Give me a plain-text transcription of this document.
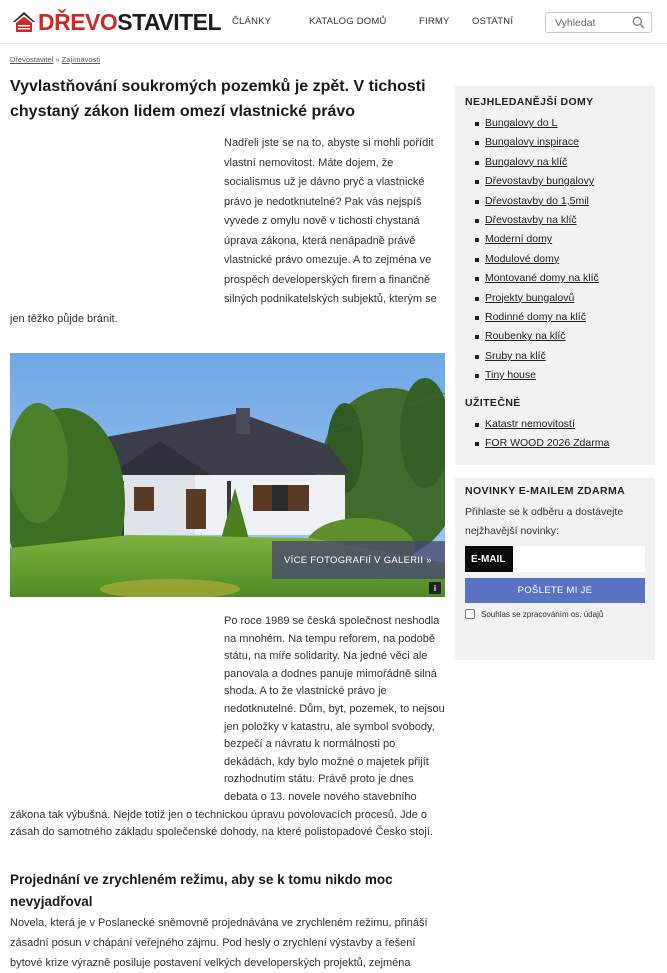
DŘEVOSTAVITEL ČLÁNKY	KATALOG DOMŮ	FIRMY OSTATNÍ
Vyhledat
Dřevostavitel » Zajímavosti
Vyvlastňování soukromých pozemků je zpět. V tichosti chystaný zákon lidem omezí vlastnické právo

Nadřeli jste se na to, abyste si mohli pořídit vlastní nemovitost. Máte dojem, že socialismus už je dávno pryč a vlastnické právo je nedotknutelné? Pak vás nejspíš vyvede z omylu nově v tichosti chystaná úprava zákona, která nenápadně právě vlastnické právo omezuje. A to zejména ve prospěch developerských firem a finančně silných podnikatelských subjektů, kterým se jen těžko půjde bránit.

VÍCE FOTOGRAFIÍ V GALERII »
i

Po roce 1989 se česká společnost neshodla na mnohém. Na tempu reforem, na podobě státu, na míře solidarity. Na jedné věci ale panovala a dodnes panuje mimořádně silná shoda. A to že vlastnické právo je nedotknutelné. Dům, byt, pozemek, to nejsou jen položky v katastru, ale symbol svobody, bezpečí a návratu k normálnosti po dekádách, kdy bylo možné o majetek přijít rozhodnutím státu. Právě proto je dnes debata o 13. novele nového stavebního zákona tak výbušná. Nejde totiž jen o technickou úpravu povolovacích procesů. Jde o zásah do samotného základu společenské dohody, na které polistopadové Česko stojí.

Projednání ve zrychleném režimu, aby se k tomu nikdo moc nevyjadřoval

Novela, která je v Poslanecké sněmovně projednávána ve zrychleném režimu, přináší zásadní posun v chápání veřejného zájmu. Pod hesly o zrychlení výstavby a řešení bytové krize výrazně posiluje postavení velkých developerských projektů, zejména

NEJHLEDANĚJŠÍ DOMY
Bungalovy do L
Bungalovy inspirace
Bungalovy na klíč
Dřevostavby bungalovy
Dřevostavby do 1,5mil
Dřevostavby na klíč
Moderní domy
Modulové domy
Montované domy na klíč
Projekty bungalovů
Rodinné domy na klíč
Roubenky na klíč
Sruby na klíč
Tiny house
UŽITEČNÉ
Katastr nemovitostí
FOR WOOD 2026 Zdarma
NOVINKY E-MAILEM ZDARMA

Přihlaste se k odběru a dostávejte nejžhavější novinky:

E-MAIL
POŠLETE MI JE
Souhlas se zpracováním os. údajů
